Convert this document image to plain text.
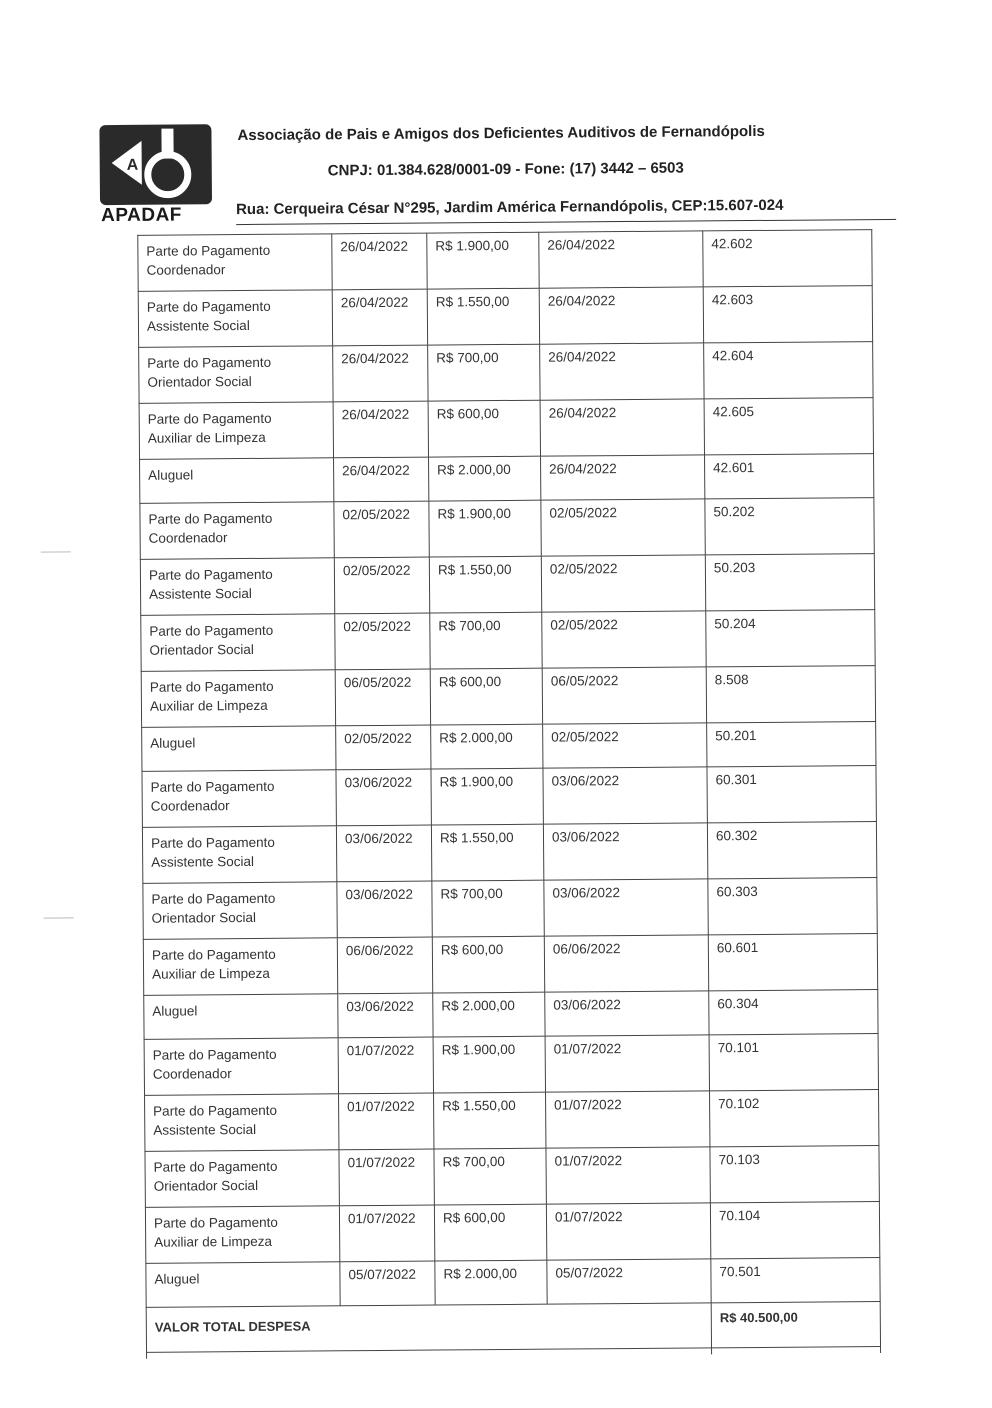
A
APADAF
Associação de Pais e Amigos dos Deficientes Auditivos de Fernandópolis
CNPJ: 01.384.628/0001-09 - Fone: (17) 3442 – 6503
Rua: Cerqueira César N°295, Jardim América Fernandópolis, CEP:15.607-024
Parte do Pagamento
Coordenador	26/04/2022	R$ 1.900,00	26/04/2022	42.602

Parte do Pagamento
Assistente Social	26/04/2022	R$ 1.550,00	26/04/2022	42.603

Parte do Pagamento
Orientador Social	26/04/2022	R$ 700,00	26/04/2022	42.604

Parte do Pagamento
Auxiliar de Limpeza	26/04/2022	R$ 600,00	26/04/2022	42.605

Aluguel	26/04/2022	R$ 2.000,00	26/04/2022	42.601

Parte do Pagamento
Coordenador	02/05/2022	R$ 1.900,00	02/05/2022	50.202

Parte do Pagamento
Assistente Social	02/05/2022	R$ 1.550,00	02/05/2022	50.203

Parte do Pagamento
Orientador Social	02/05/2022	R$ 700,00	02/05/2022	50.204

Parte do Pagamento
Auxiliar de Limpeza	06/05/2022	R$ 600,00	06/05/2022	8.508

Aluguel	02/05/2022	R$ 2.000,00	02/05/2022	50.201

Parte do Pagamento
Coordenador	03/06/2022	R$ 1.900,00	03/06/2022	60.301

Parte do Pagamento
Assistente Social	03/06/2022	R$ 1.550,00	03/06/2022	60.302

Parte do Pagamento
Orientador Social	03/06/2022	R$ 700,00	03/06/2022	60.303

Parte do Pagamento
Auxiliar de Limpeza	06/06/2022	R$ 600,00	06/06/2022	60.601

Aluguel	03/06/2022	R$ 2.000,00	03/06/2022	60.304

Parte do Pagamento
Coordenador	01/07/2022	R$ 1.900,00	01/07/2022	70.101

Parte do Pagamento
Assistente Social	01/07/2022	R$ 1.550,00	01/07/2022	70.102

Parte do Pagamento
Orientador Social	01/07/2022	R$ 700,00	01/07/2022	70.103

Parte do Pagamento
Auxiliar de Limpeza	01/07/2022	R$ 600,00	01/07/2022	70.104

Aluguel	05/07/2022	R$ 2.000,00	05/07/2022	70.501
VALOR TOTAL DESPESA				R$ 40.500,00
